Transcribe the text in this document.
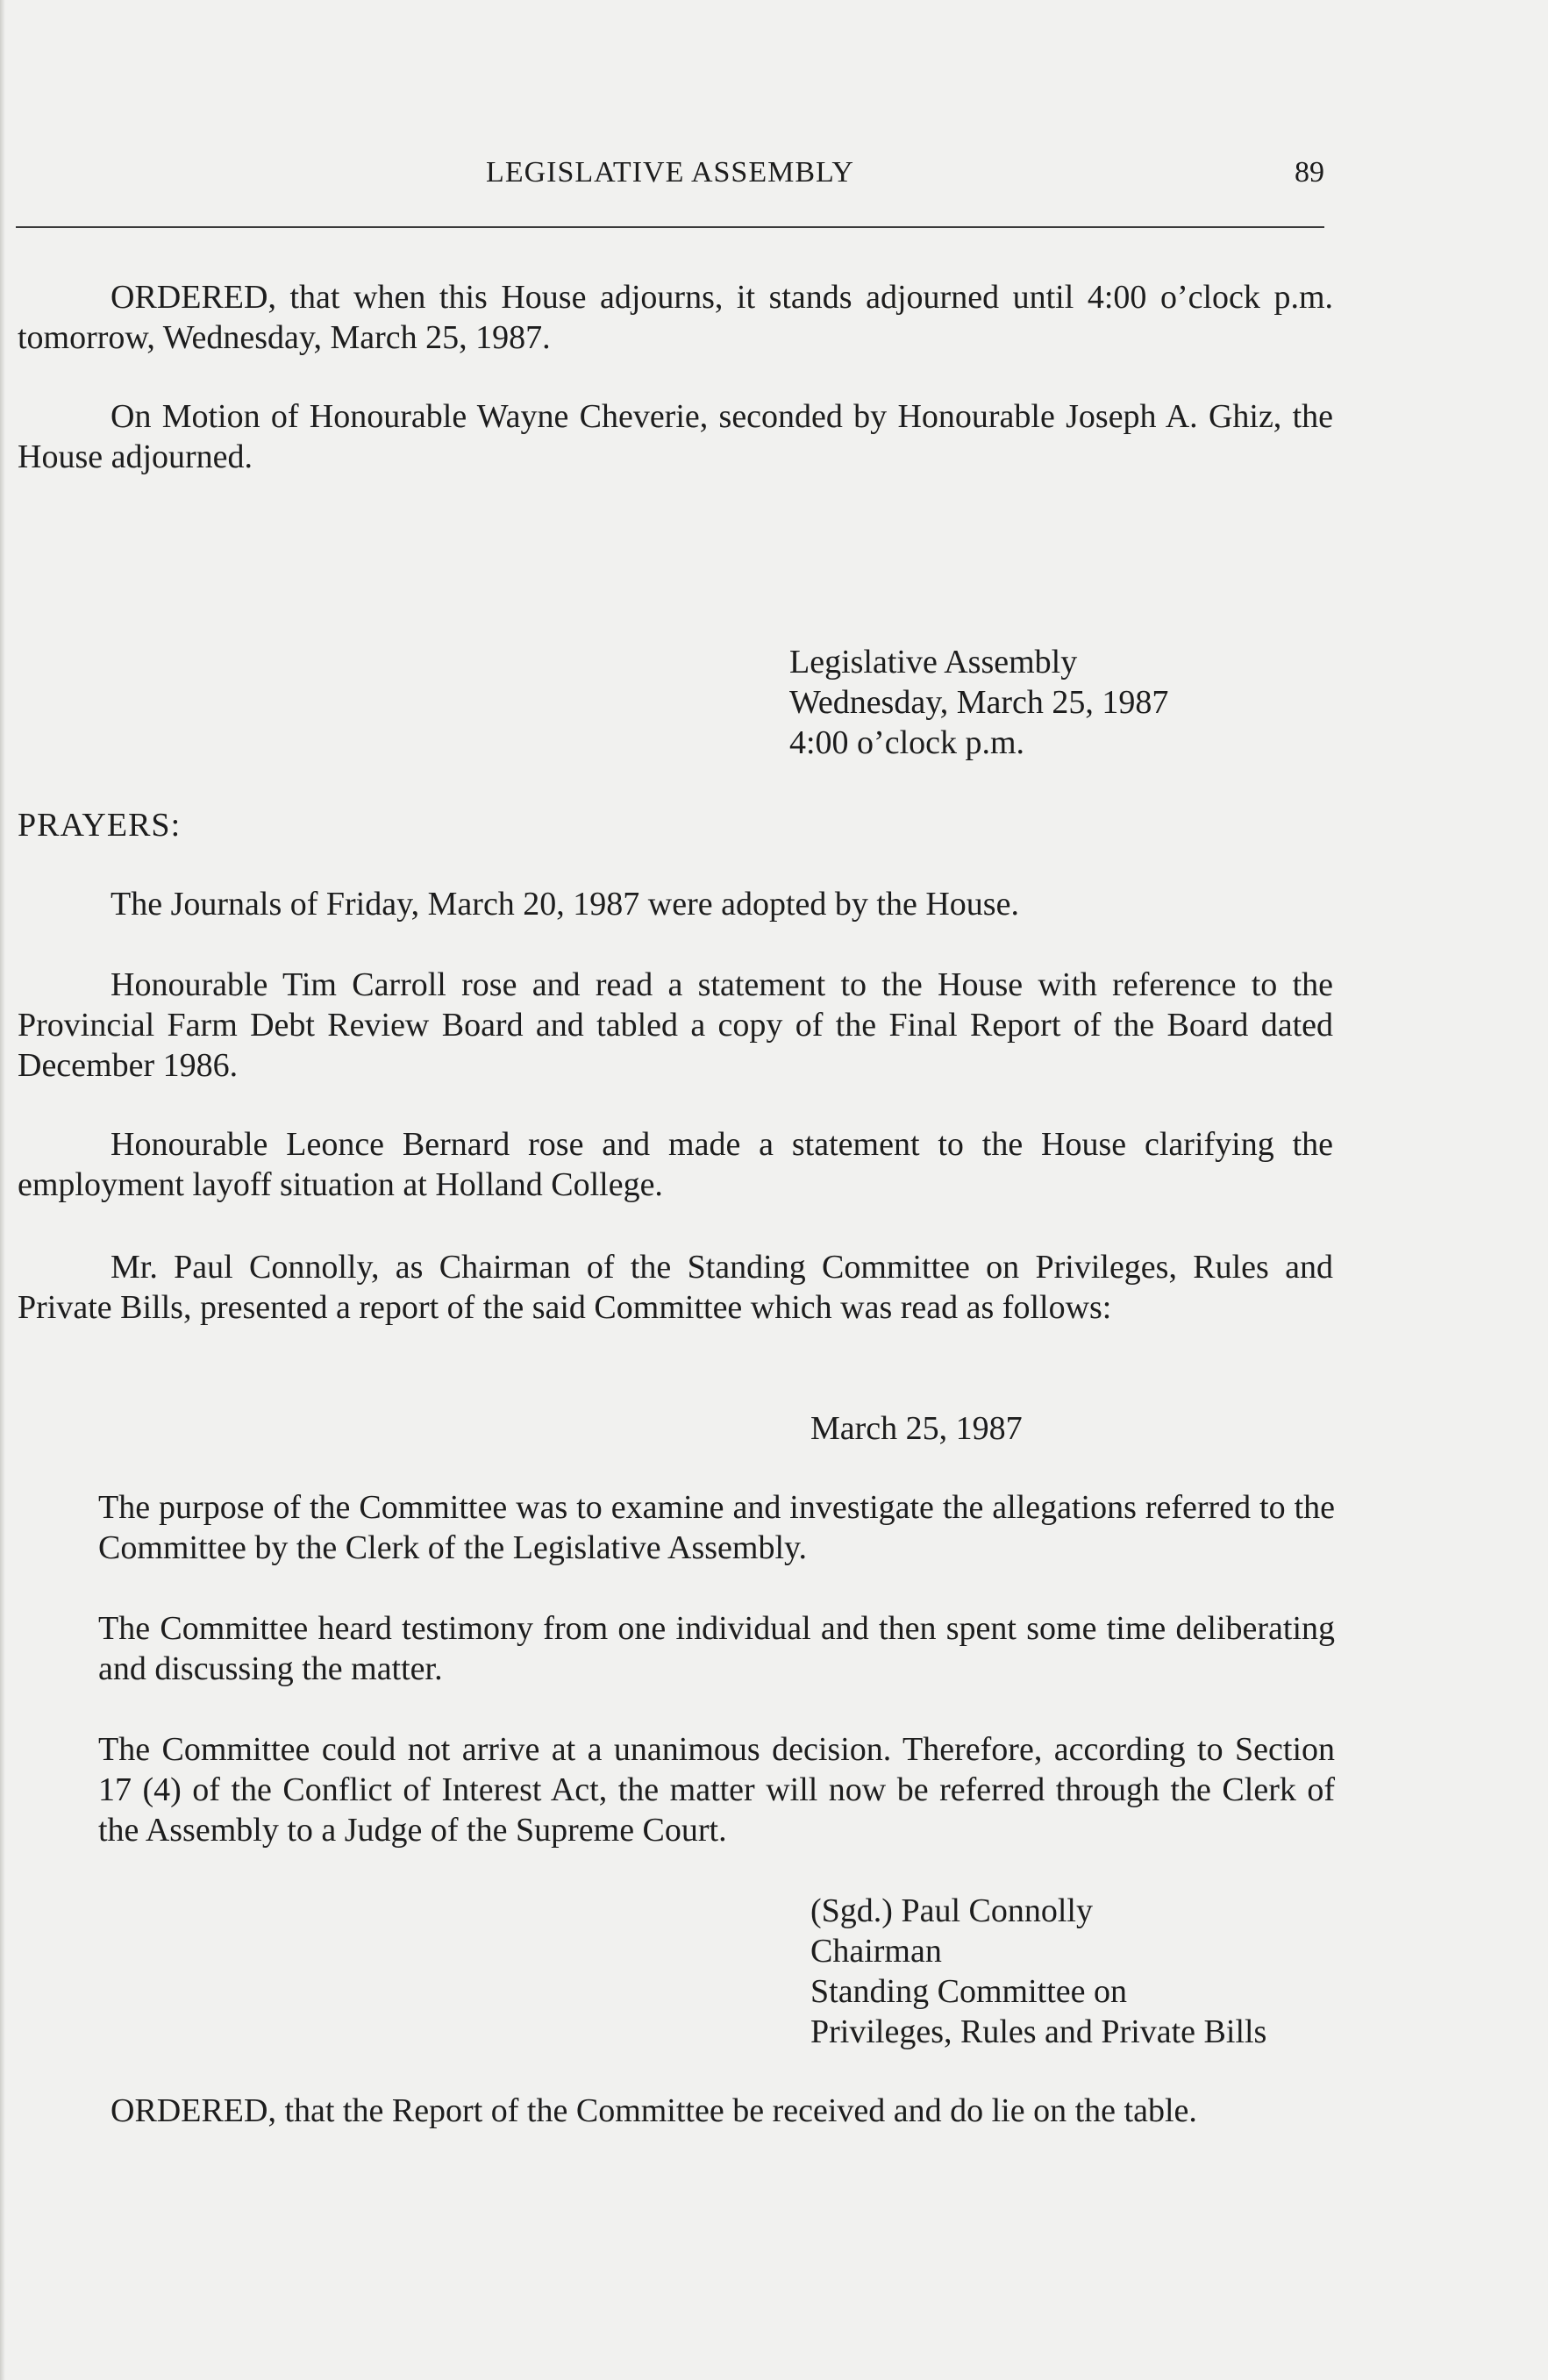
LEGISLATIVE ASSEMBLY	89

ORDERED, that when this House adjourns, it stands adjourned until 4:00 o’clock p.m. tomorrow, Wednesday, March 25, 1987.

On Motion of Honourable Wayne Cheverie, seconded by Honourable Joseph A. Ghiz, the House adjourned.

Legislative Assembly
Wednesday, March 25, 1987
4:00 o’clock p.m.
PRAYERS:

The Journals of Friday, March 20, 1987 were adopted by the House.

Honourable Tim Carroll rose and read a statement to the House with reference to the Provincial Farm Debt Review Board and tabled a copy of the Final Report of the Board dated December 1986.

Honourable Leonce Bernard rose and made a statement to the House clarifying the employment layoff situation at Holland College.

Mr. Paul Connolly, as Chairman of the Standing Committee on Privileges, Rules and Private Bills, presented a report of the said Committee which was read as follows:

March 25, 1987

The purpose of the Committee was to examine and investigate the allegations referred to the Committee by the Clerk of the Legislative Assembly.

The Committee heard testimony from one individual and then spent some time deliberating and discussing the matter.

The Committee could not arrive at a unanimous decision. Therefore, according to Section 17 (4) of the Conflict of Interest Act, the matter will now be referred through the Clerk of the Assembly to a Judge of the Supreme Court.

(Sgd.) Paul Connolly
Chairman
Standing Committee on
Privileges, Rules and Private Bills

ORDERED, that the Report of the Committee be received and do lie on the table.
